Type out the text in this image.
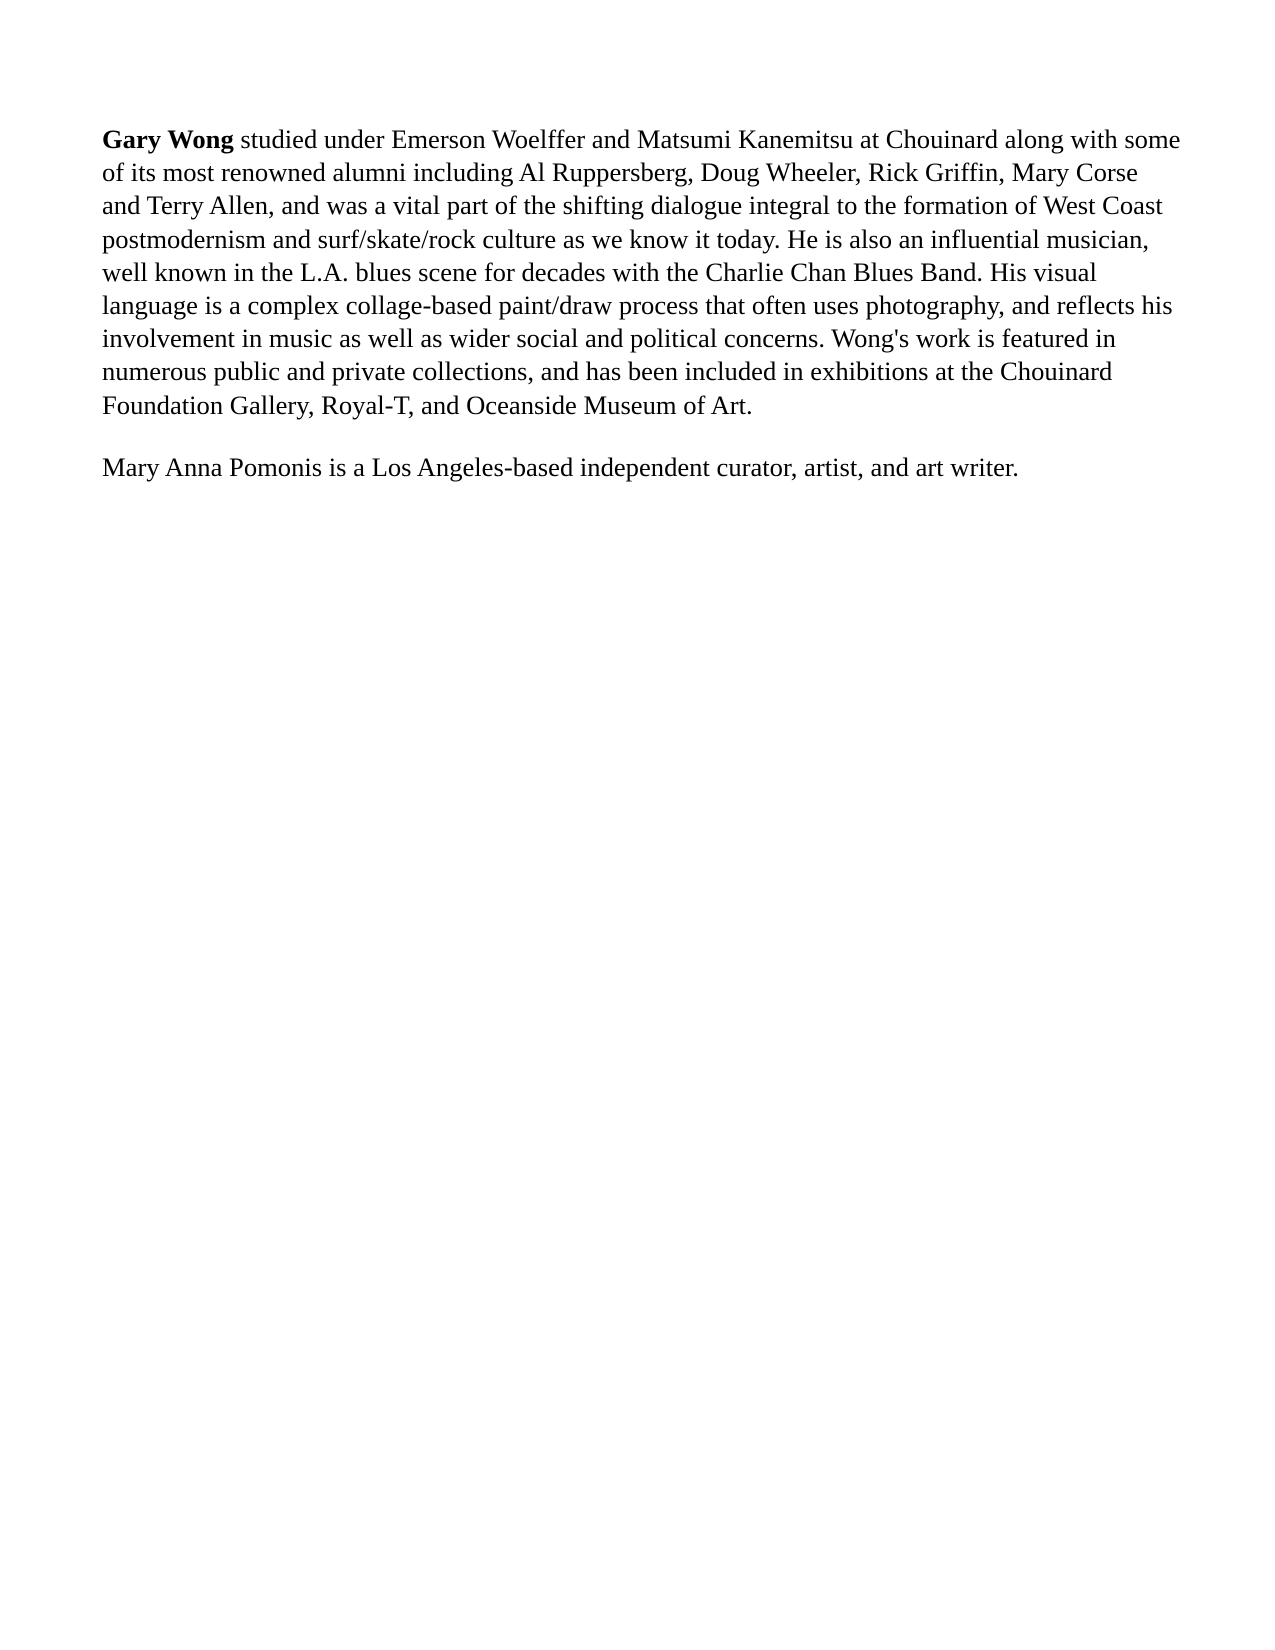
Gary Wong studied under Emerson Woelffer and Matsumi Kanemitsu at Chouinard along with some of its most renowned alumni including Al Ruppersberg, Doug Wheeler, Rick Griffin, Mary Corse and Terry Allen, and was a vital part of the shifting dialogue integral to the formation of West Coast postmodernism and surf/skate/rock culture as we know it today. He is also an influential musician, well known in the L.A. blues scene for decades with the Charlie Chan Blues Band. His visual language is a complex collage-based paint/draw process that often uses photography, and reflects his involvement in music as well as wider social and political concerns. Wong's work is featured in numerous public and private collections, and has been included in exhibitions at the Chouinard Foundation Gallery, Royal-T, and Oceanside Museum of Art.

Mary Anna Pomonis is a Los Angeles-based independent curator, artist, and art writer.
